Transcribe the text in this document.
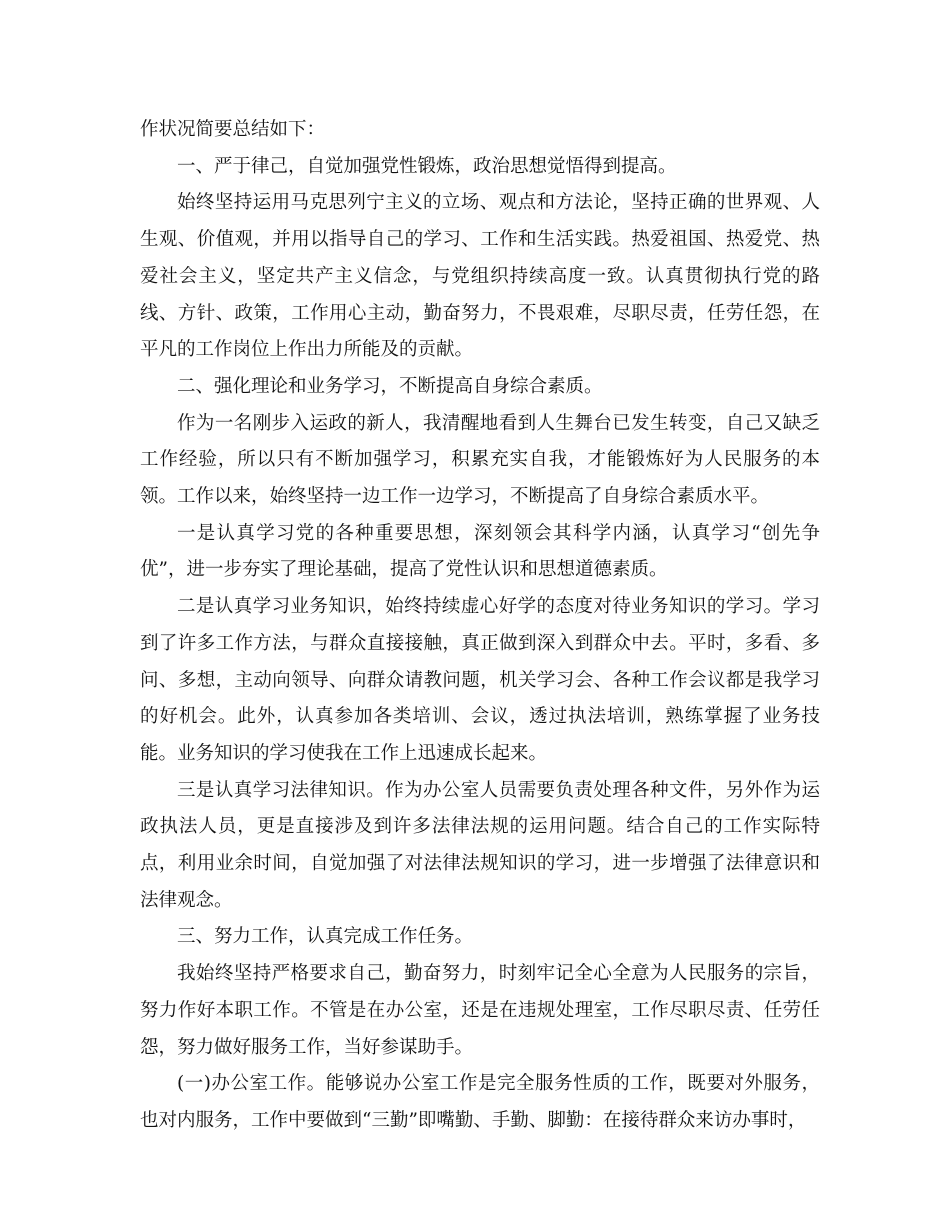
作状况简要总结如下：

一、严于律己，自觉加强党性锻炼，政治思想觉悟得到提高。

始终坚持运用马克思列宁主义的立场、观点和方法论，坚持正确的世界观、人生观、价值观，并用以指导自己的学习、工作和生活实践。热爱祖国、热爱党、热爱社会主义，坚定共产主义信念，与党组织持续高度一致。认真贯彻执行党的路线、方针、政策，工作用心主动，勤奋努力，不畏艰难，尽职尽责，任劳任怨，在平凡的工作岗位上作出力所能及的贡献。

二、强化理论和业务学习，不断提高自身综合素质。

作为一名刚步入运政的新人，我清醒地看到人生舞台已发生转变，自己又缺乏工作经验，所以只有不断加强学习，积累充实自我，才能锻炼好为人民服务的本领。工作以来，始终坚持一边工作一边学习，不断提高了自身综合素质水平。

一是认真学习党的各种重要思想，深刻领会其科学内涵，认真学习“创先争优”，进一步夯实了理论基础，提高了党性认识和思想道德素质。

二是认真学习业务知识，始终持续虚心好学的态度对待业务知识的学习。学习到了许多工作方法，与群众直接接触，真正做到深入到群众中去。平时，多看、多问、多想，主动向领导、向群众请教问题，机关学习会、各种工作会议都是我学习的好机会。此外，认真参加各类培训、会议，透过执法培训，熟练掌握了业务技能。业务知识的学习使我在工作上迅速成长起来。

三是认真学习法律知识。作为办公室人员需要负责处理各种文件，另外作为运政执法人员，更是直接涉及到许多法律法规的运用问题。结合自己的工作实际特点，利用业余时间，自觉加强了对法律法规知识的学习，进一步增强了法律意识和法律观念。

三、努力工作，认真完成工作任务。

我始终坚持严格要求自己，勤奋努力，时刻牢记全心全意为人民服务的宗旨，努力作好本职工作。不管是在办公室，还是在违规处理室，工作尽职尽责、任劳任怨，努力做好服务工作，当好参谋助手。

(一)办公室工作。能够说办公室工作是完全服务性质的工作，既要对外服务，也对内服务，工作中要做到“三勤”即嘴勤、手勤、脚勤：在接待群众来访办事时，
